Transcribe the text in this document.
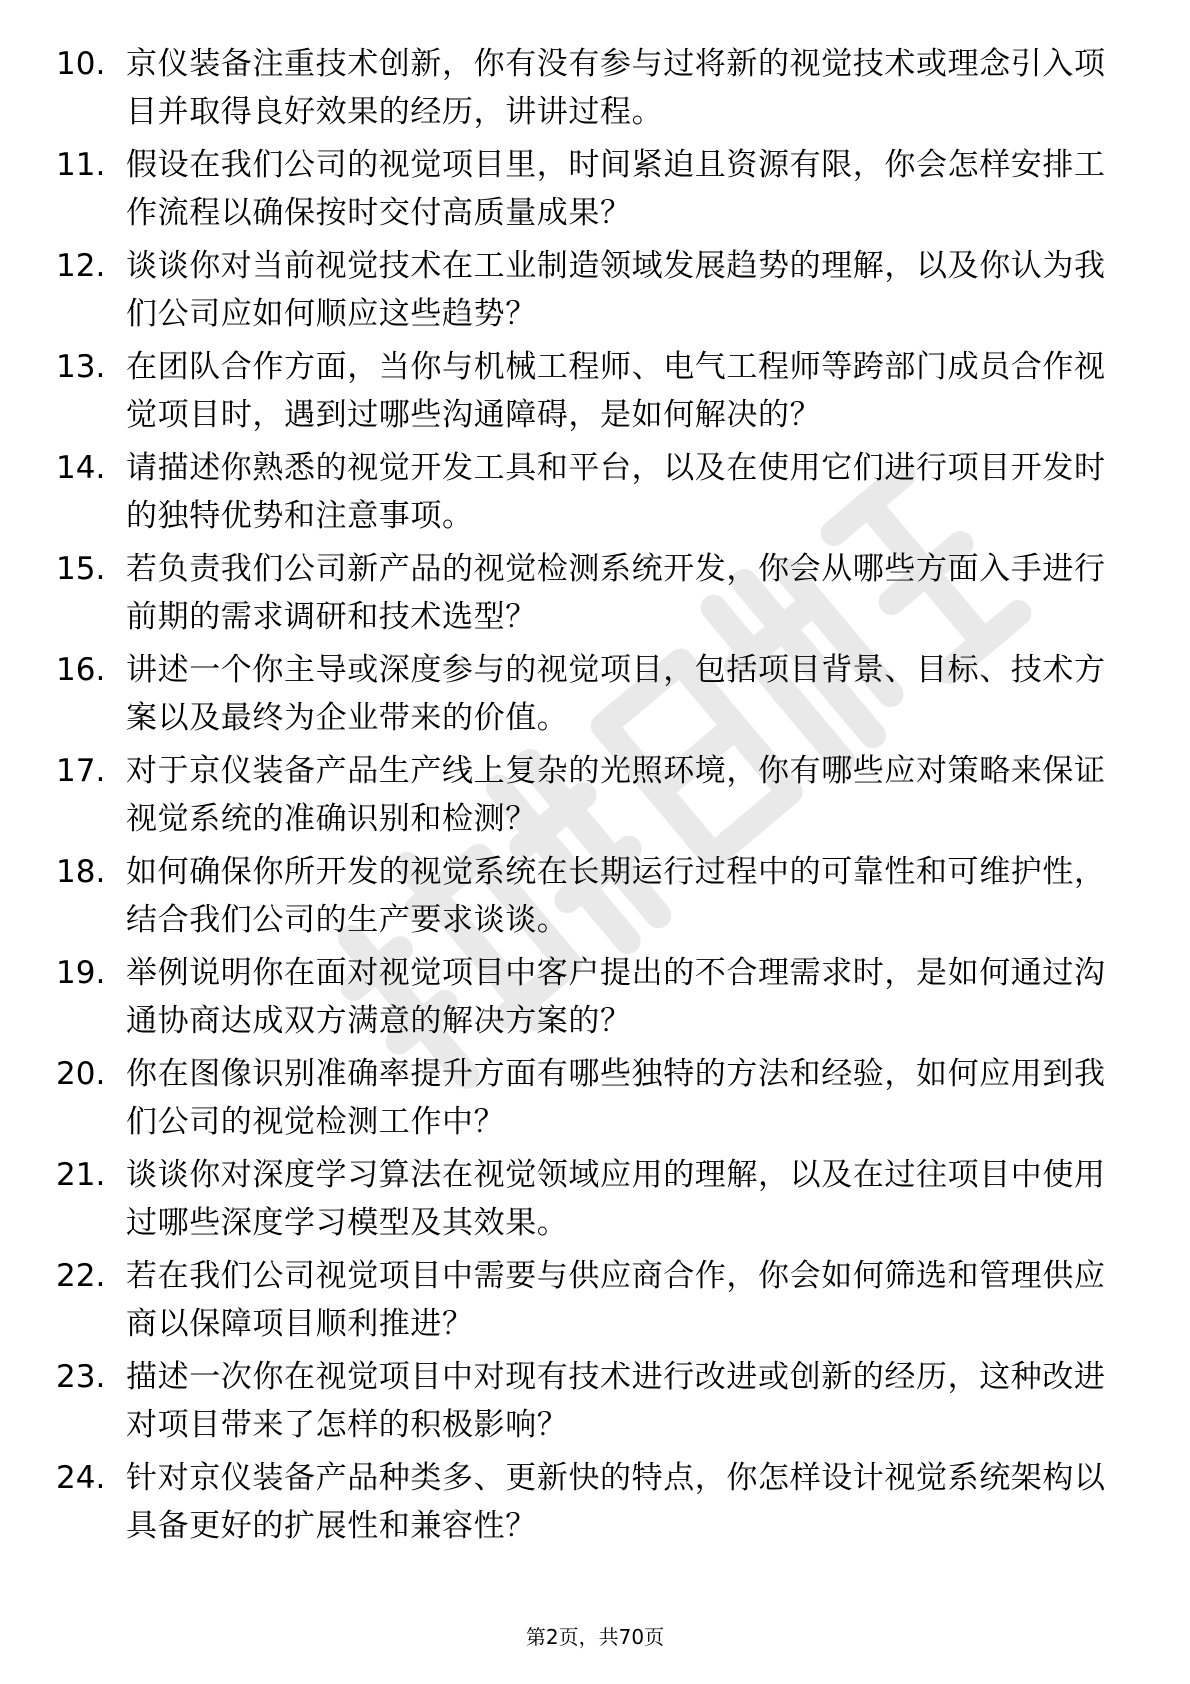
10. 京仪装备注重技术创新，你有没有参与过将新的视觉技术或理念引入项目并取得良好效果的经历，讲讲过程。
11. 假设在我们公司的视觉项目里，时间紧迫且资源有限，你会怎样安排工作流程以确保按时交付高质量成果？
12. 谈谈你对当前视觉技术在工业制造领域发展趋势的理解，以及你认为我们公司应如何顺应这些趋势？
13. 在团队合作方面，当你与机械工程师、电气工程师等跨部门成员合作视觉项目时，遇到过哪些沟通障碍，是如何解决的？
14. 请描述你熟悉的视觉开发工具和平台，以及在使用它们进行项目开发时的独特优势和注意事项。
15. 若负责我们公司新产品的视觉检测系统开发，你会从哪些方面入手进行前期的需求调研和技术选型？
16. 讲述一个你主导或深度参与的视觉项目，包括项目背景、目标、技术方案以及最终为企业带来的价值。
17. 对于京仪装备产品生产线上复杂的光照环境，你有哪些应对策略来保证视觉系统的准确识别和检测？
18. 如何确保你所开发的视觉系统在长期运行过程中的可靠性和可维护性，结合我们公司的生产要求谈谈。
19. 举例说明你在面对视觉项目中客户提出的不合理需求时，是如何通过沟通协商达成双方满意的解决方案的？
20. 你在图像识别准确率提升方面有哪些独特的方法和经验，如何应用到我们公司的视觉检测工作中？
21. 谈谈你对深度学习算法在视觉领域应用的理解，以及在过往项目中使用过哪些深度学习模型及其效果。
22. 若在我们公司视觉项目中需要与供应商合作，你会如何筛选和管理供应商以保障项目顺利推进？
23. 描述一次你在视觉项目中对现有技术进行改进或创新的经历，这种改进对项目带来了怎样的积极影响？
24. 针对京仪装备产品种类多、更新快的特点，你怎样设计视觉系统架构以具备更好的扩展性和兼容性？
第2页，共70页
